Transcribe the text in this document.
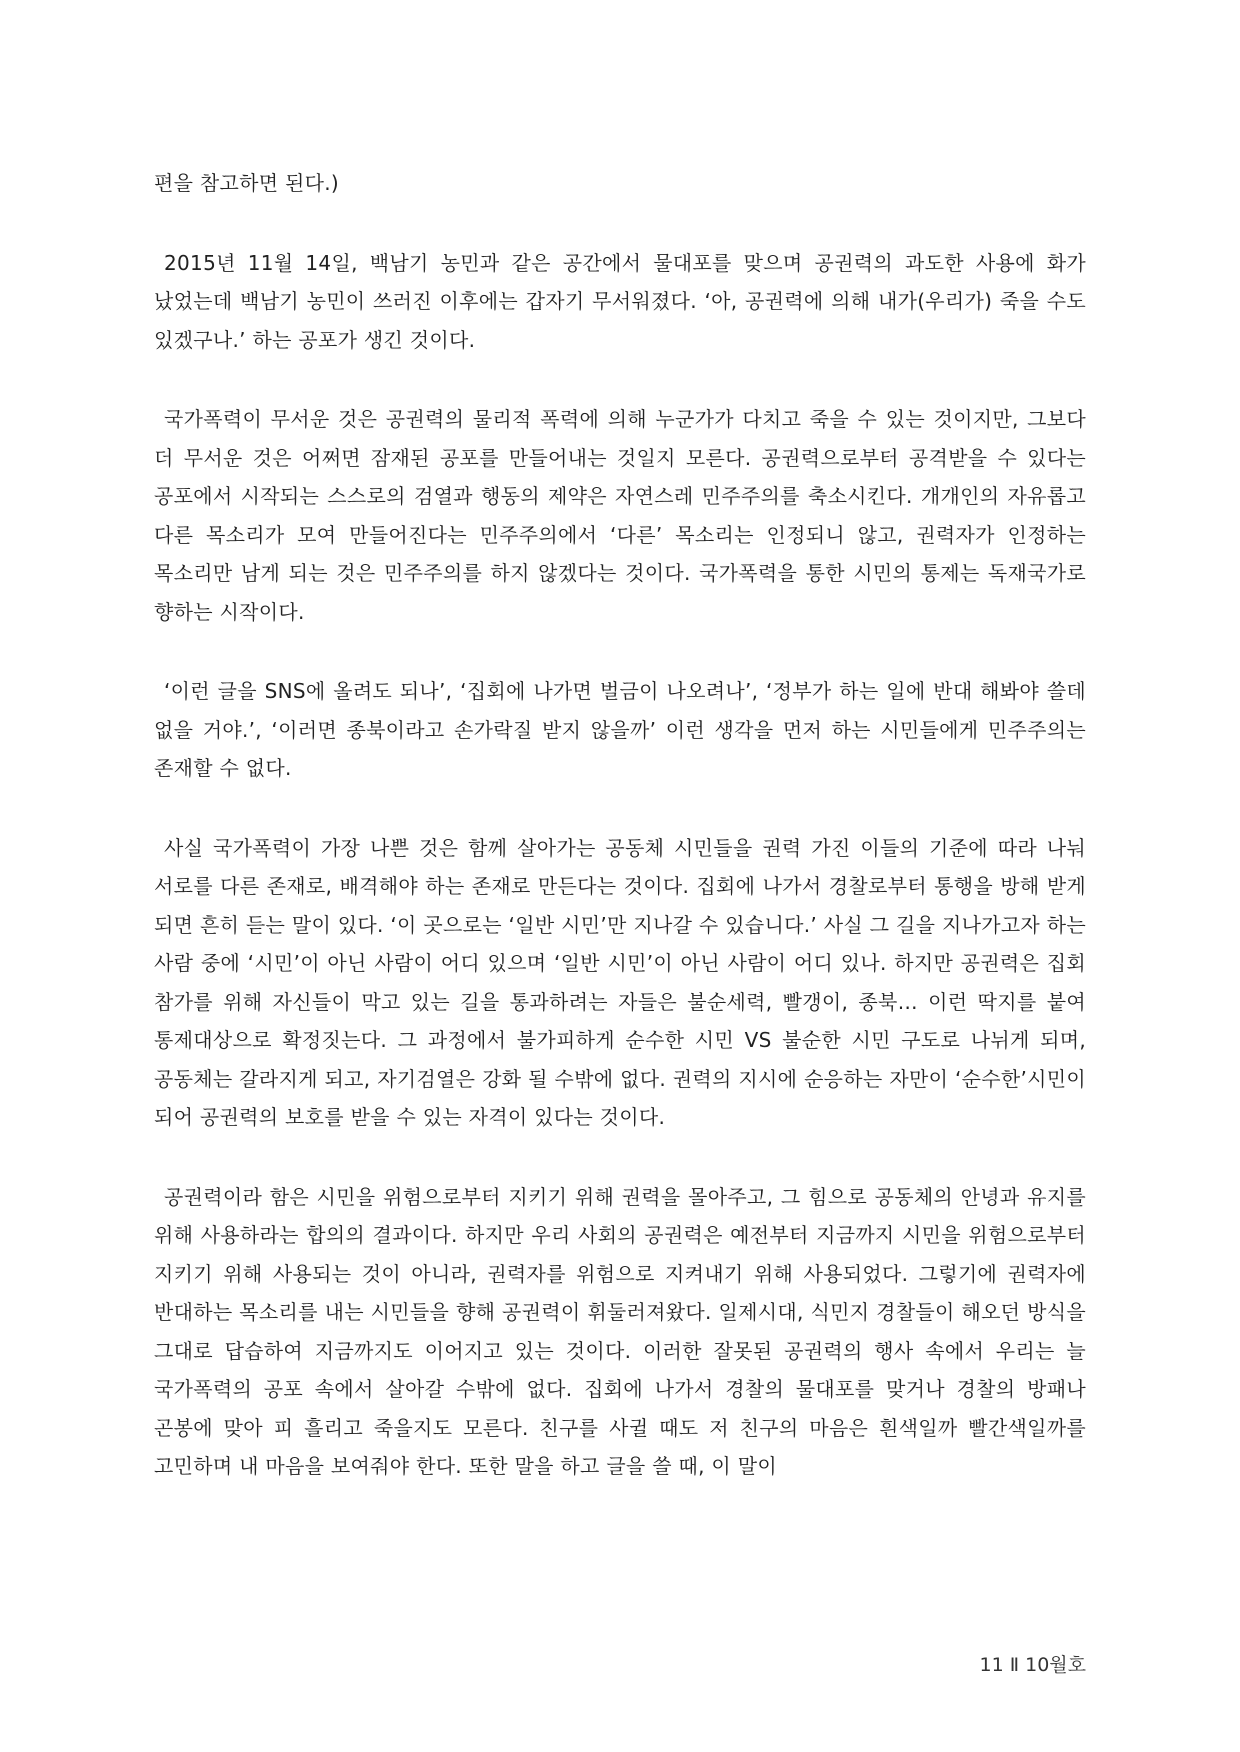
편을 참고하면 된다.)

2015년 11월 14일, 백남기 농민과 같은 공간에서 물대포를 맞으며 공권력의 과도한 사용에 화가 났었는데 백남기 농민이 쓰러진 이후에는 갑자기 무서워졌다. ‘아, 공권력에 의해 내가(우리가) 죽을 수도 있겠구나.’ 하는 공포가 생긴 것이다.

국가폭력이 무서운 것은 공권력의 물리적 폭력에 의해 누군가가 다치고 죽을 수 있는 것이지만, 그보다 더 무서운 것은 어쩌면 잠재된 공포를 만들어내는 것일지 모른다. 공권력으로부터 공격받을 수 있다는 공포에서 시작되는 스스로의 검열과 행동의 제약은 자연스레 민주주의를 축소시킨다. 개개인의 자유롭고 다른 목소리가 모여 만들어진다는 민주주의에서 ‘다른’ 목소리는 인정되니 않고, 권력자가 인정하는 목소리만 남게 되는 것은 민주주의를 하지 않겠다는 것이다. 국가폭력을 통한 시민의 통제는 독재국가로 향하는 시작이다.

‘이런 글을 SNS에 올려도 되나’, ‘집회에 나가면 벌금이 나오려나’, ‘정부가 하는 일에 반대 해봐야 쓸데 없을 거야.’, ‘이러면 종북이라고 손가락질 받지 않을까’ 이런 생각을 먼저 하는 시민들에게 민주주의는 존재할 수 없다.

사실 국가폭력이 가장 나쁜 것은 함께 살아가는 공동체 시민들을 권력 가진 이들의 기준에 따라 나눠 서로를 다른 존재로, 배격해야 하는 존재로 만든다는 것이다. 집회에 나가서 경찰로부터 통행을 방해 받게 되면 흔히 듣는 말이 있다. ‘이 곳으로는 ‘일반 시민’만 지나갈 수 있습니다.’ 사실 그 길을 지나가고자 하는 사람 중에 ‘시민’이 아닌 사람이 어디 있으며 ‘일반 시민’이 아닌 사람이 어디 있나. 하지만 공권력은 집회 참가를 위해 자신들이 막고 있는 길을 통과하려는 자들은 불순세력, 빨갱이, 종북… 이런 딱지를 붙여 통제대상으로 확정짓는다. 그 과정에서 불가피하게 순수한 시민 VS 불순한 시민 구도로 나뉘게 되며, 공동체는 갈라지게 되고, 자기검열은 강화 될 수밖에 없다. 권력의 지시에 순응하는 자만이 ‘순수한’시민이 되어 공권력의 보호를 받을 수 있는 자격이 있다는 것이다.

공권력이라 함은 시민을 위험으로부터 지키기 위해 권력을 몰아주고, 그 힘으로 공동체의 안녕과 유지를 위해 사용하라는 합의의 결과이다. 하지만 우리 사회의 공권력은 예전부터 지금까지 시민을 위험으로부터 지키기 위해 사용되는 것이 아니라, 권력자를 위험으로 지켜내기 위해 사용되었다. 그렇기에 권력자에 반대하는 목소리를 내는 시민들을 향해 공권력이 휘둘러져왔다. 일제시대, 식민지 경찰들이 해오던 방식을 그대로 답습하여 지금까지도 이어지고 있는 것이다. 이러한 잘못된 공권력의 행사 속에서 우리는 늘 국가폭력의 공포 속에서 살아갈 수밖에 없다. 집회에 나가서 경찰의 물대포를 맞거나 경찰의 방패나 곤봉에 맞아 피 흘리고 죽을지도 모른다. 친구를 사귈 때도 저 친구의 마음은 흰색일까 빨간색일까를 고민하며 내 마음을 보여줘야 한다. 또한 말을 하고 글을 쓸 때, 이 말이

11 Ⅱ 10월호
